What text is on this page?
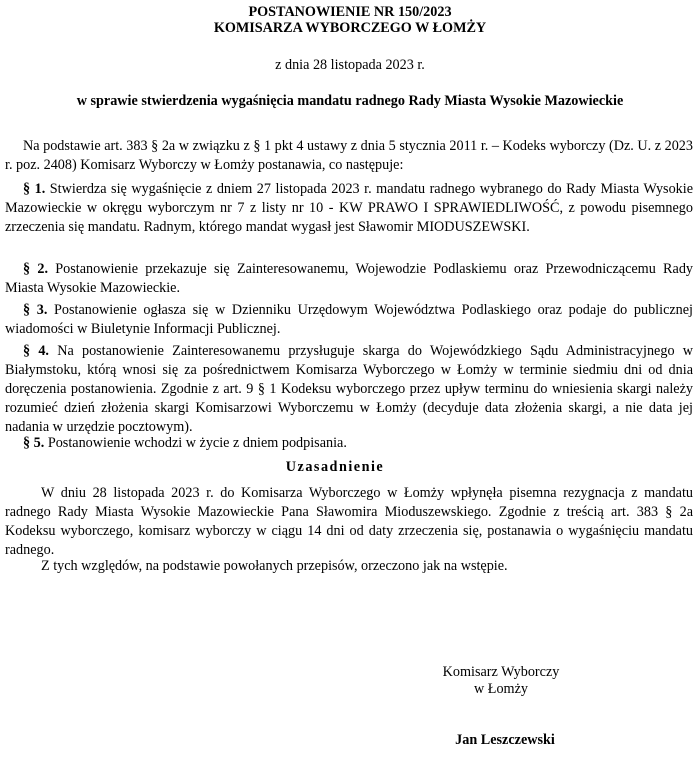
POSTANOWIENIE NR 150/2023
KOMISARZA WYBORCZEGO W ŁOMŻY
z dnia 28 listopada 2023 r.
w sprawie stwierdzenia wygaśnięcia mandatu radnego Rady Miasta Wysokie Mazowieckie

Na podstawie art. 383 § 2a w związku z § 1 pkt 4 ustawy z dnia 5 stycznia 2011 r. – Kodeks wyborczy (Dz. U. z 2023 r. poz. 2408) Komisarz Wyborczy w Łomży postanawia, co następuje:

§ 1. Stwierdza się wygaśnięcie z dniem 27 listopada 2023 r. mandatu radnego wybranego do Rady Miasta Wysokie Mazowieckie w okręgu wyborczym nr 7 z listy nr 10 - KW PRAWO I SPRAWIEDLIWOŚĆ, z powodu pisemnego zrzeczenia się mandatu. Radnym, którego mandat wygasł jest Sławomir MIODUSZEWSKI.

§ 2. Postanowienie przekazuje się Zainteresowanemu, Wojewodzie Podlaskiemu oraz Przewodniczącemu Rady Miasta Wysokie Mazowieckie.

§ 3. Postanowienie ogłasza się w Dzienniku Urzędowym Województwa Podlaskiego oraz podaje do publicznej wiadomości w Biuletynie Informacji Publicznej.

§ 4. Na postanowienie Zainteresowanemu przysługuje skarga do Wojewódzkiego Sądu Administracyjnego w Białymstoku, którą wnosi się za pośrednictwem Komisarza Wyborczego w Łomży w terminie siedmiu dni od dnia doręczenia postanowienia. Zgodnie z art. 9 § 1 Kodeksu wyborczego przez upływ terminu do wniesienia skargi należy rozumieć dzień złożenia skargi Komisarzowi Wyborczemu w Łomży (decyduje data złożenia skargi, a nie data jej nadania w urzędzie pocztowym).

§ 5. Postanowienie wchodzi w życie z dniem podpisania.

Uzasadnienie

W dniu 28 listopada 2023 r. do Komisarza Wyborczego w Łomży wpłynęła pisemna rezygnacja z mandatu radnego Rady Miasta Wysokie Mazowieckie Pana Sławomira Mioduszewskiego. Zgodnie z treścią art. 383 § 2a Kodeksu wyborczego, komisarz wyborczy w ciągu 14 dni od daty zrzeczenia się, postanawia o wygaśnięciu mandatu radnego.

Z tych względów, na podstawie powołanych przepisów, orzeczono jak na wstępie.

Komisarz Wyborczy
w Łomży
Jan Leszczewski
